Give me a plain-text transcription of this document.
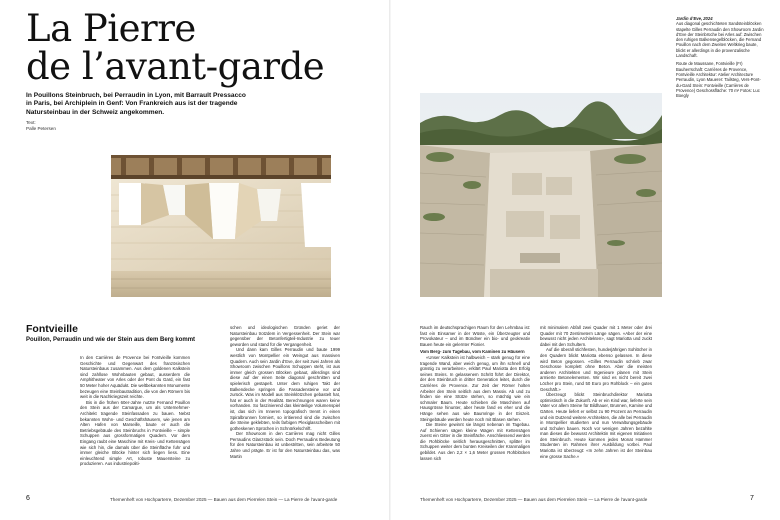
La Pierre
de l’avant-garde

In Pouillons Steinbruch, bei Perraudin in Lyon, mit Barrault Pressacco in Paris, bei Archiplein in Genf: Von Frankreich aus ist der tragende Natursteinbau in der Schweiz angekommen.

Text:
Palle Petersen

Jardin d’Eve, 2024

Aus diagonal geschichteten Sandsteinblöcken stapelte Gilles Perraudin den Showroom Jardin d’Eve der Steinbrüche bei Arles auf: Zwischen den ruhigen Balkensegelblöcken, die Fernand Pouillon nach dem Zweiten Weltkrieg baute, blickt er allerdings in die provenzalische Landschaft.

Route de Maussane, Fontvieille (Fr) Bauherrschaft: Carrières de Provence, Fontvieille Architektur: Atelier Architecture Perraudin, Lyon Mauerer: Tailsteg, Vers-Pont-du-Gard Stein: Fontvieille (Carrières de Provence) Geschossfläche: 70 m² Fotos: Luc Boegly

Fontvieille

Pouillon, Perraudin und wie der Stein aus dem Berg kommt

In den Carrières de Provence bei Fontvieille kommen Geschichte und Gegenwart des französischen Natursteinbaus zusammen. Aus dem goldenen Kalkstein sind zahllose Wohnbauten gebaut, ausserdem die Amphitheater von Arles oder der Pont du Gard, ein fast 50 Meter hoher Aquädukt. Die weltbekannten Monumente bezeugen eine Steinbautradition, die von den Römern bis weit in die Nachkriegszeit reichte.

Bis in die frühen 60er-Jahre nutzte Fernand Pouillon den Stein aus der Camargue, um als Unternehmer-Architekt tragende Steinfassaden zu bauen. Nebst bekannten Wohn- und Geschäftshäusern, wie jenen am Alten Hafen von Marseille, baute er auch die Betriebsgebäude des Steinbruchs in Fontvieille – simple Schuppen aus grossformatigen Quadern. Vor dem Eingang raubt eine Maschine mit Kreis- und Kettensägen wie sich hin, die damals über die Steinfläche fuhr und immer gleiche Blöcke hinter sich liegen liess. Eine einleuchtend simple Art, robuste Mauersteine zu produzieren. Aus industriepoliti-

schen und ideologischen Gründen geriet der Natursteinbau trotzdem in Vergessenheit. Der Stein war gegenüber der Betonfertigteil-Industrie zu teuer geworden und stand für die Vergangenheit.

Und dann kam Gilles Perraudin und baute 1999 westlich von Montpellier ein Weingut aus massiven Quadern. Auch sein Jardin d’Eve, der seit zwei Jahren als Showroom zwischen Pouillons Schuppen steht, ist aus immer gleich grossen Blöcken gebaut, allerdings sind diese auf der einen Seite diagonal geschnitten und spielerisch gestapelt. Unter dem ruhigen Takt der Balkendecke springen die Fassadensteine vor und zurück. Was im Modell aus Steinklötzchen gebastelt hat, hat er auch in der Realität. Berechnungen waren keine vorhanden. So faszinierend das kleinteilige Volumenspiel ist, das sich im Inneren topografisch trennt in einen Spiralbrunnen formiert, so irritierend sind die zwischen die Steine geklebten, teils farbigen Plexiglasscheiben mit gotheskenen Sprüchen in Schnörkelschrift.

Der Showroom in den Carrières mag nicht Gilles Perraudins Glanzstück sein. Doch Perraudins Bedeutung für den Natursteinbau ist unbestritten, sein arbeitete 50 Jahre und prägte. Er ist für den Natursteinbau das, was Martin

Rauch im deutschsprachigen Raum für den Lehmbau ist: fast ein Einsamer in der Wüste, ein Überzeugter und Provokateur – und im Bündner ein bio- und geokreativ Bauen heute ein gelernter Pionier.

Vom Berg- zum Tagebau, vom Kaminen zu Häusern

«Unser Kalkstein ist halbweich – stark genug für eine tragende Wand, aber weich genug, um ihn schnell und günstig zu verarbeiten», erklärt Paul Mariotta den Erfolg seines Steins. In gelassenem Schritt führt der Direktor, der den Steinbruch in dritter Generation leitet, durch die Carrières de Provence. Zur Zeit der Römer holten Arbeiter den Stein seitlich aus dem Massiv. Ab und zu finden sie eine Stütze stehen, so mächtig wie ein schmaler Baum. Heute schieben die Maschinen auf Hausgrösse hinunter, aber heute fand es eher und die Hänge sehen aus wie Baumringe in der Eiszeit. Steingebäude werden heute noch mit Blasen stehen.

Die Steine gewinnt sie längst nebenan im Tagebau. Auf Schienen sägen kleine Wagen mit Kettensägen zuerst ein Gitter in die Steinfläche. Anschliessend werden die Rohblöcke seitlich herausgeschnitten, splitter im Schuppen weiter dem bunten Kreiseilen der Kranmaligen gebildet. Aus den 2,2 × 1,6 Meter grossen Rohblöcken lassen sich

mit minimalem Abfall zwei Quader mit 1 Meter oder drei Quader mit 70 Zentimetern Länge sägen. «Aber der eine bewusst nicht jeden Architekten», sagt Mariotta und zuckt dabei mit den Schultern.

Auf die überall stichfesten, hunderjährigen Sohlöcher in den Quadern blickt Mariotta ebenso gelassen. In diese wird Beton gegossen. «Gilles Perraudin schrieb zwar Geschosse komplett ohne Beton. Aber die meisten anderen Architekten und Ingenieure planen mit Stein armierte Betonelementen. Wir sind es nicht bereit zwei Löcher pro Stein, rund 50 Euro pro Rohblock – ein gutes Geschäft.»

Überzeugt blickt Steinbruchdirektor Mariotta optimistisch in die Zukunft. Ab er ein Kind war, lieferte sein Vater vor allem Steine für Bildhauer, Brunnen, Kamine und Gärten. Heute liefert er selbst zu 90 Prozent an Perraudin und ein Dutzend weitere Architekten, die alle bei Perraudin in Montpellier studierten und nun Verwaltungsgebäude und Schulen bauen. Noch vor wenigen Jahren bezahlte man dieses die bewusst Architektin mit eigenen Initiativen den Steinbruch. Heute kommen jedes Monat Hammer Studenten im Rahmen ihrer Ausbildung vorbei. Paul Mariotta ist überzeugt: «In zehn Jahren ist der Steinbau eine grosse Sache.»

6	Themenheft von Hochparterre, Dezember 2025 — Bauen aus dem Pierrelen Stein — La Pierre de l’avant-garde	Themenheft von Hochparterre, Dezember 2025 — Bauen aus dem Pierrelen Stein — La Pierre de l’avant-garde	7
